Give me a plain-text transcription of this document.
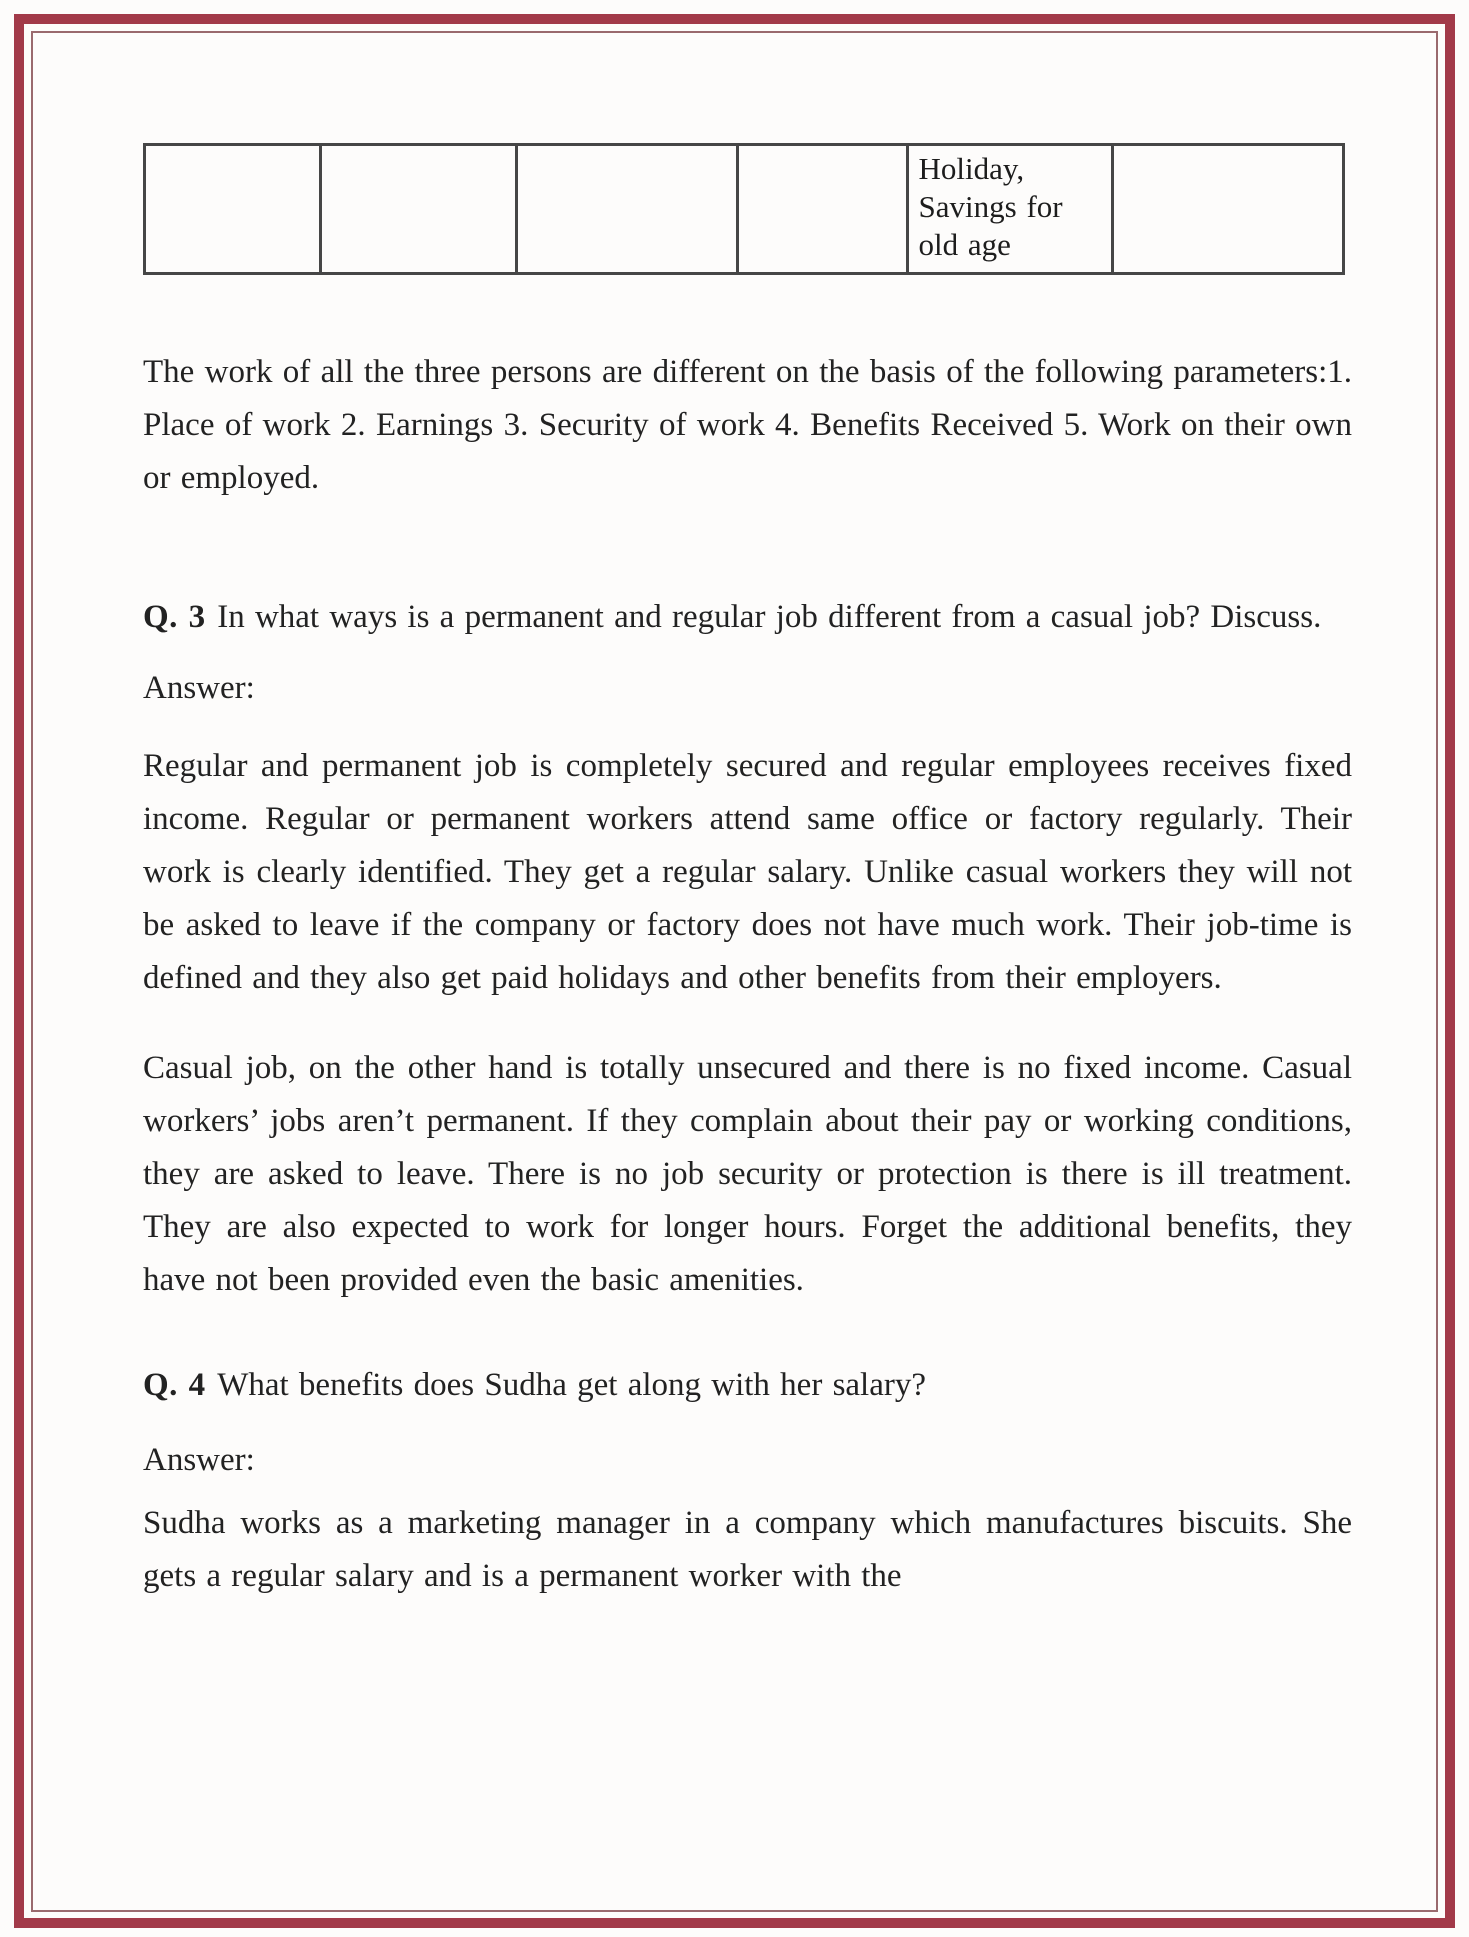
				Holiday, Savings for old age	

The work of all the three persons are different on the basis of the following parameters:1. Place of work 2. Earnings 3. Security of work 4. Benefits Received 5. Work on their own or employed.

Q. 3 In what ways is a permanent and regular job different from a casual job? Discuss.

Answer:

Regular and permanent job is completely secured and regular employees receives fixed income. Regular or permanent workers attend same office or factory regularly. Their work is clearly identified. They get a regular salary. Unlike casual workers they will not be asked to leave if the company or factory does not have much work. Their job-time is defined and they also get paid holidays and other benefits from their employers.

Casual job, on the other hand is totally unsecured and there is no fixed income. Casual workers’ jobs aren’t permanent. If they complain about their pay or working conditions, they are asked to leave. There is no job security or protection is there is ill treatment. They are also expected to work for longer hours. Forget the additional benefits, they have not been provided even the basic amenities.

Q. 4 What benefits does Sudha get along with her salary?

Answer:

Sudha works as a marketing manager in a company which manufactures biscuits. She gets a regular salary and is a permanent worker with the
